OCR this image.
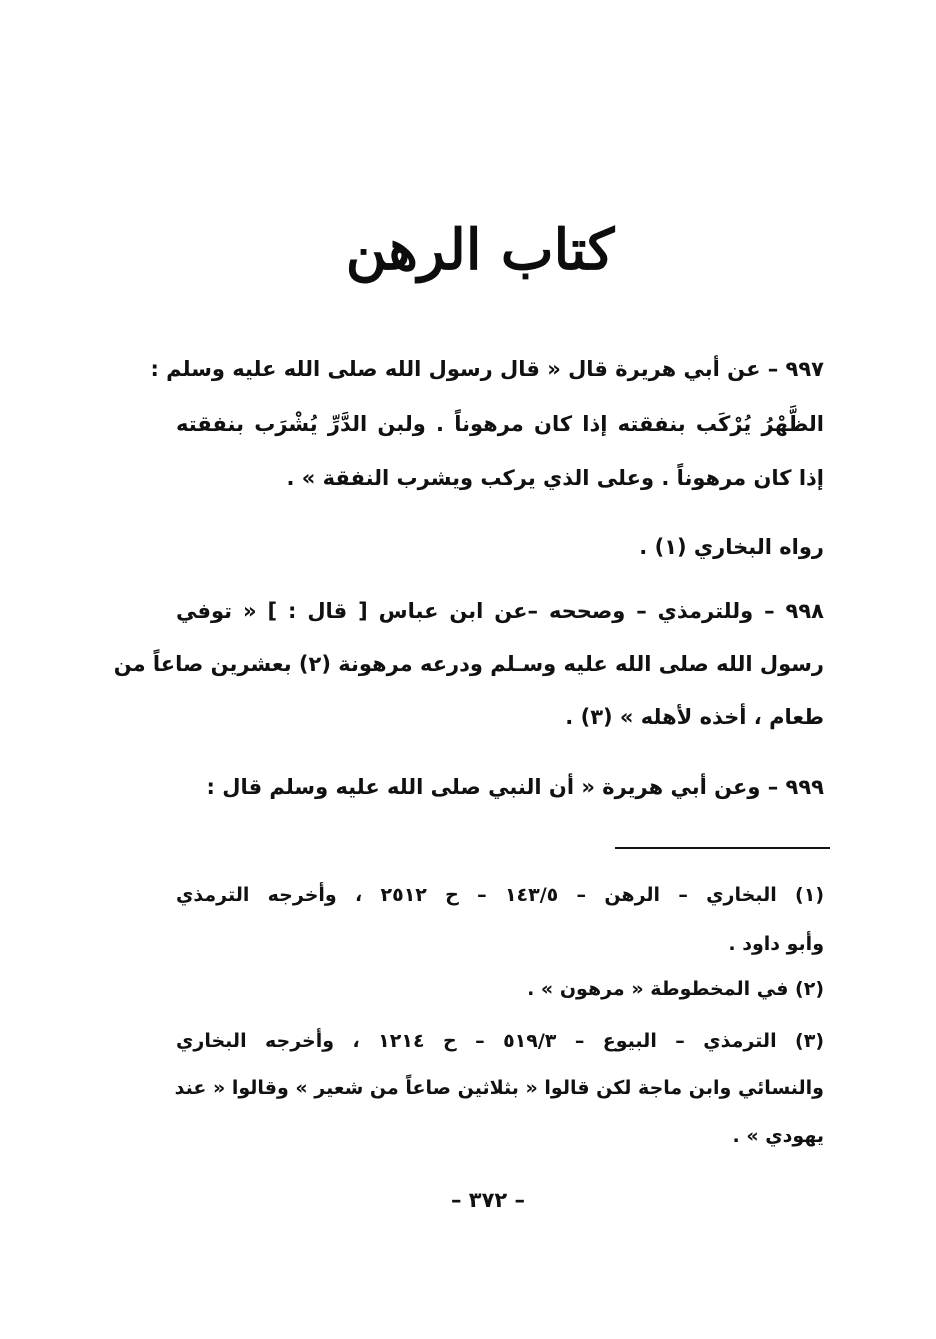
كتاب الرهن
٩٩٧ – عن أبي هريرة قال « قال رسول الله صلى الله عليه وسلم :
الظَّهْرُ يُرْكَب بنفقته إذا كان مرهوناً . ولبن الدَّرِّ يُشْرَب بنفقته
إذا كان مرهوناً . وعلى الذي يركب ويشرب النفقة » .
رواه البخاري (١) .
٩٩٨ – وللترمذي – وصححه –عن ابن عباس [ قال : ] « توفي
رسول الله صلى الله عليه وسـلم ودرعه مرهونة (٢) بعشرين صاعاً من
طعام ، أخذه لأهله » (٣) .
٩٩٩ – وعن أبي هريرة « أن النبي صلى الله عليه وسلم قال :
(١) البخاري – الرهن – ١٤٣/٥ – ح ٢٥١٢ ، وأخرجه الترمذي
وأبو داود .
(٢) في المخطوطة « مرهون » .
(٣) الترمذي – البيوع – ٥١٩/٣ – ح ١٢١٤ ، وأخرجه البخاري
والنسائي وابن ماجة لكن قالوا « بثلاثين صاعاً من شعير » وقالوا « عند
يهودي » .
– ٣٧٢ –
